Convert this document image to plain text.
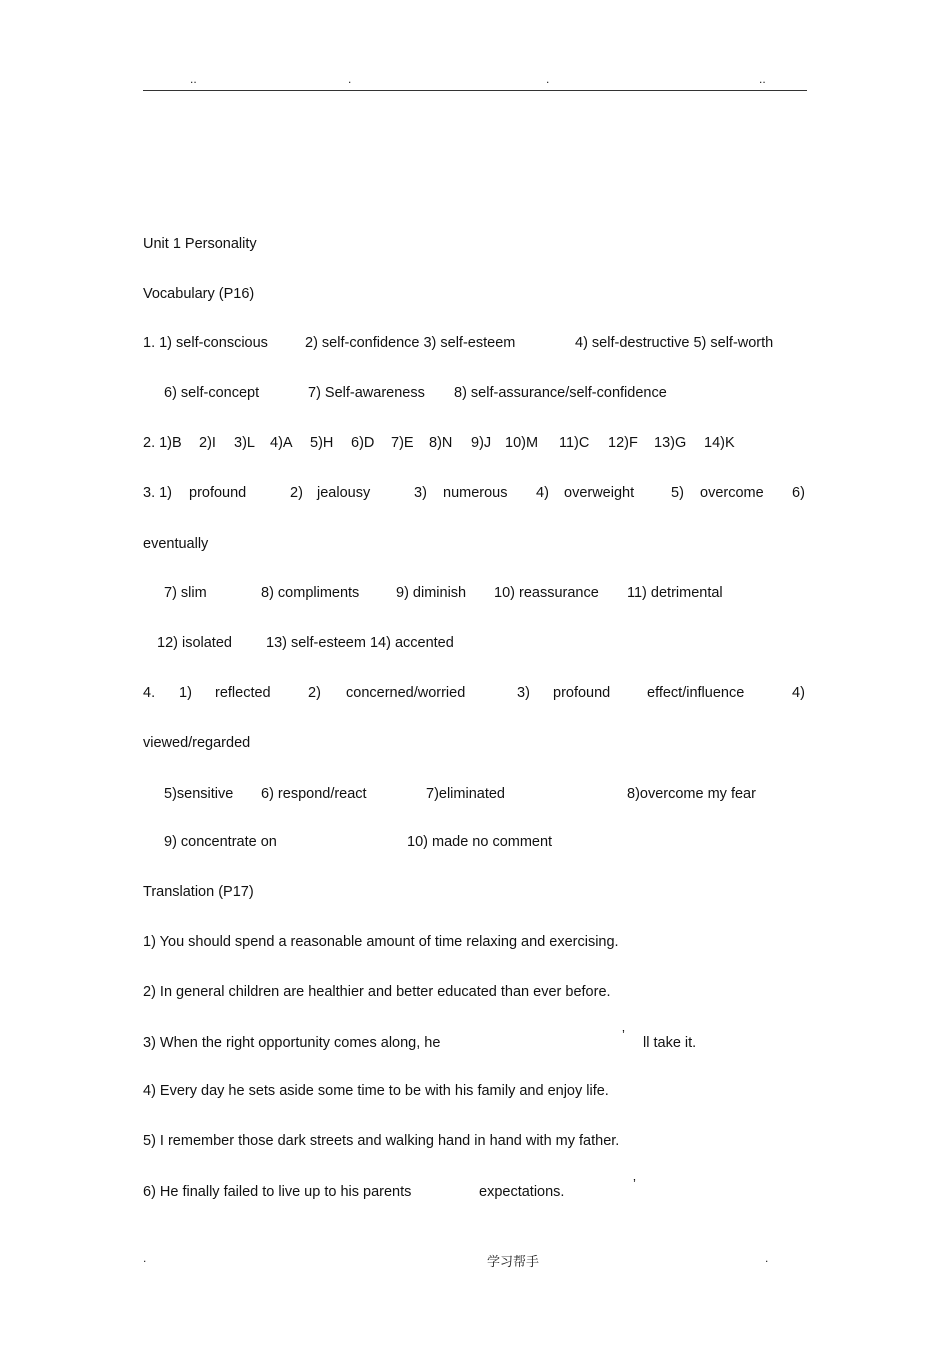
..	.	.	..
Unit 1 Personality
Vocabulary (P16)
1. 1) self-conscious	2) self-confidence 3) self-esteem	4) self-destructive 5) self-worth
6) self-concept	7) Self-awareness 8) self-assurance/self-confidence
2. 1)B 2)I 3)L 4)A 5)H 6)D 7)E 8)N 9)J 10)M 11)C 12)F 13)G 14)K
3. 1) profound	2) jealousy	3) numerous 4) overweight	5) overcome 6)
eventually
7) slim	8) compliments	9) diminish 10) reassurance 11) detrimental
12) isolated 13) self-esteem 14) accented
4. 1) reflected	2) concerned/worried	3) profound	effect/influence	4)
viewed/regarded
5)sensitive 6) respond/react	7)eliminated	8)overcome my fear
9) concentrate on	10) made no comment
Translation (P17)
1) You should spend a reasonable amount of time relaxing and exercising.
2) In general children are healthier and better educated than ever before.
3) When the right opportunity comes along, he
’
ll take it.
4) Every day he sets aside some time to be with his family and enjoy life.
5) I remember those dark streets and walking hand in hand with my father.
6) He finally failed to live up to his parents	expectations.
’
.	学习帮手	.
